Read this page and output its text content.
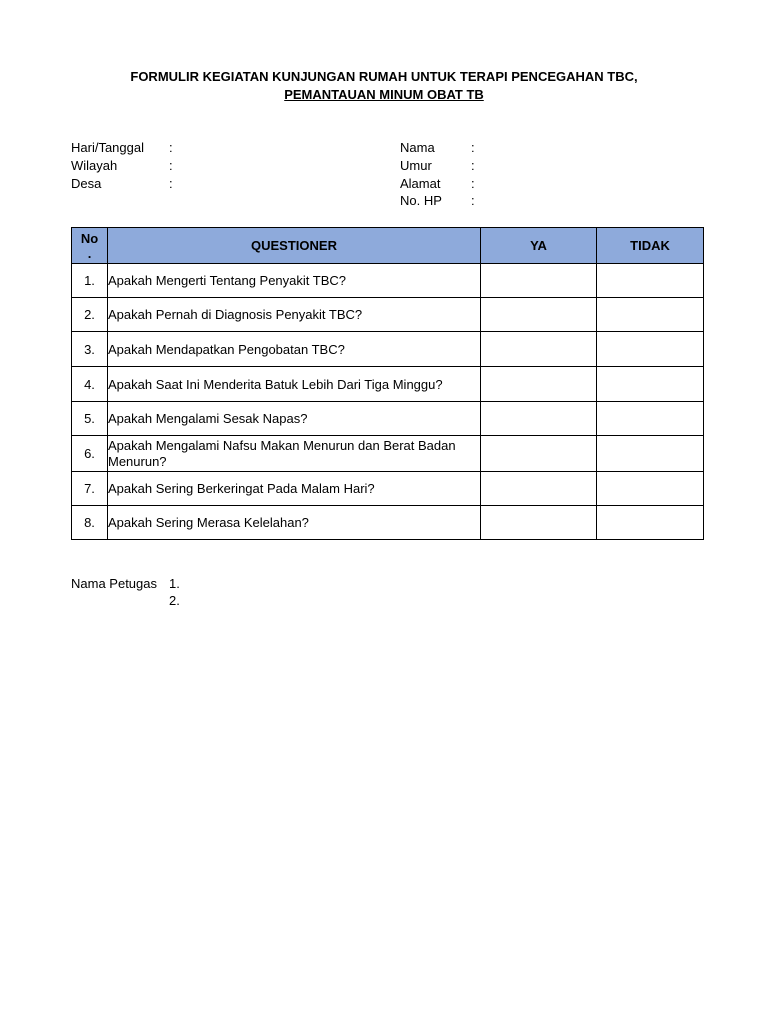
FORMULIR KEGIATAN KUNJUNGAN RUMAH UNTUK TERAPI PENCEGAHAN TBC,
PEMANTAUAN MINUM OBAT TB
Hari/Tanggal :
Wilayah	:
Desa	:
Nama	:
Umur	:
Alamat :
No. HP :
No .	QUESTIONER	YA	TIDAK
1.	Apakah Mengerti Tentang Penyakit TBC?		
2.	Apakah Pernah di Diagnosis Penyakit TBC?		
3.	Apakah Mendapatkan Pengobatan TBC?		
4.	Apakah Saat Ini Menderita Batuk Lebih Dari Tiga Minggu?		
5.	Apakah Mengalami Sesak Napas?		
6.	Apakah Mengalami Nafsu Makan Menurun dan Berat Badan Menurun?		
7.	Apakah Sering Berkeringat Pada Malam Hari?		
8.	Apakah Sering Merasa Kelelahan?		
Nama Petugas 1.
2.
